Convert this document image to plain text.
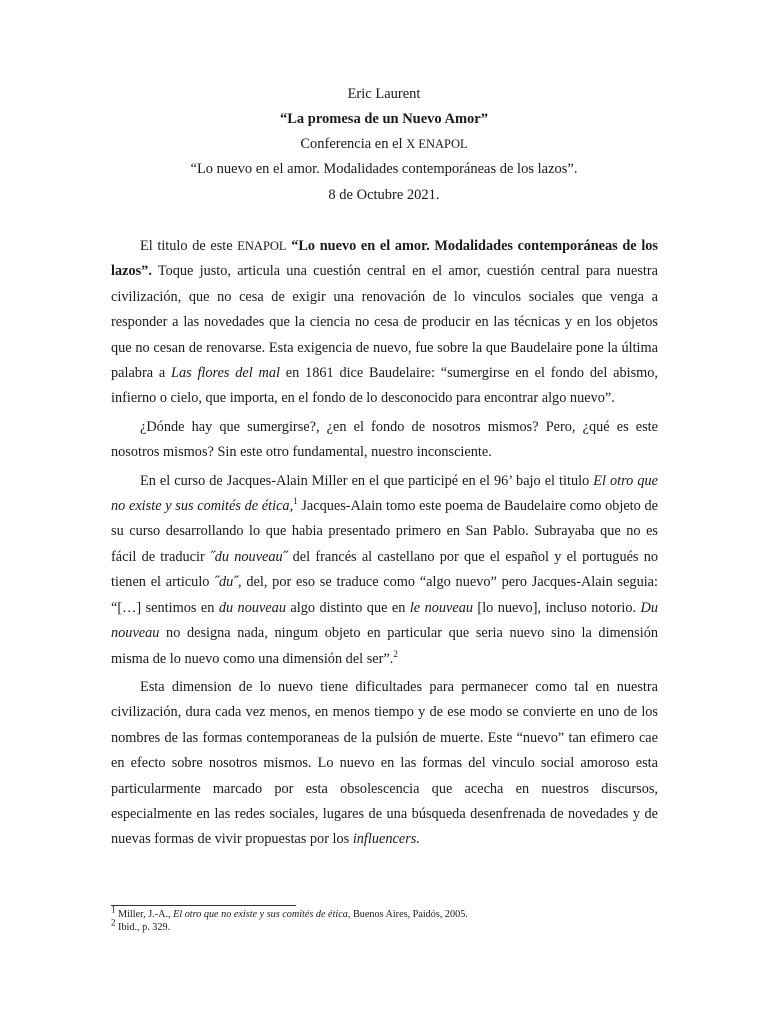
Eric Laurent
“La promesa de un Nuevo Amor”
Conferencia en el X ENAPOL
“Lo nuevo en el amor. Modalidades contemporáneas de los lazos”.
8 de Octubre 2021.

El titulo de este ENAPOL “Lo nuevo en el amor. Modalidades contemporáneas de los lazos”. Toque justo, articula una cuestión central en el amor, cuestión central para nuestra civilización, que no cesa de exigir una renovación de lo vinculos sociales que venga a responder a las novedades que la ciencia no cesa de producir en las técnicas y en los objetos que no cesan de renovarse. Esta exigencia de nuevo, fue sobre la que Baudelaire pone la última palabra a Las flores del mal en 1861 dice Baudelaire: “sumergirse en el fondo del abismo, infierno o cielo, que importa, en el fondo de lo desconocido para encontrar algo nuevo”.

¿Dónde hay que sumergirse?, ¿en el fondo de nosotros mismos? Pero, ¿qué es este nosotros mismos? Sin este otro fundamental, nuestro inconsciente.

En el curso de Jacques-Alain Miller en el que participé en el 96’ bajo el titulo El otro que no existe y sus comités de ética,$^1$ Jacques-Alain tomo este poema de Baudelaire como objeto de su curso desarrollando lo que habia presentado primero en San Pablo. Subrayaba que no es fácil de traducir ˝du nouveau˝ del francés al castellano por que el español y el portugués no tienen el articulo ˝du˝, del, por eso se traduce como “algo nuevo” pero Jacques-Alain seguia: “[…] sentimos en du nouveau algo distinto que en le nouveau [lo nuevo], incluso notorio. Du nouveau no designa nada, ningum objeto en particular que seria nuevo sino la dimensión misma de lo nuevo como una dimensión del ser”.$^2$

Esta dimension de lo nuevo tiene dificultades para permanecer como tal en nuestra civilización, dura cada vez menos, en menos tiempo y de ese modo se convierte en uno de los nombres de las formas contemporaneas de la pulsión de muerte. Este “nuevo” tan efimero cae en efecto sobre nosotros mismos. Lo nuevo en las formas del vinculo social amoroso esta particularmente marcado por esta obsolescencia que acecha en nuestros discursos, especialmente en las redes sociales, lugares de una búsqueda desenfrenada de novedades y de nuevas formas de vivir propuestas por los influencers.

$^1$ Miller, J.-A., El otro que no existe y sus comités de ética, Buenos Aires, Paidós, 2005.
$^2$ Ibid., p. 329.
